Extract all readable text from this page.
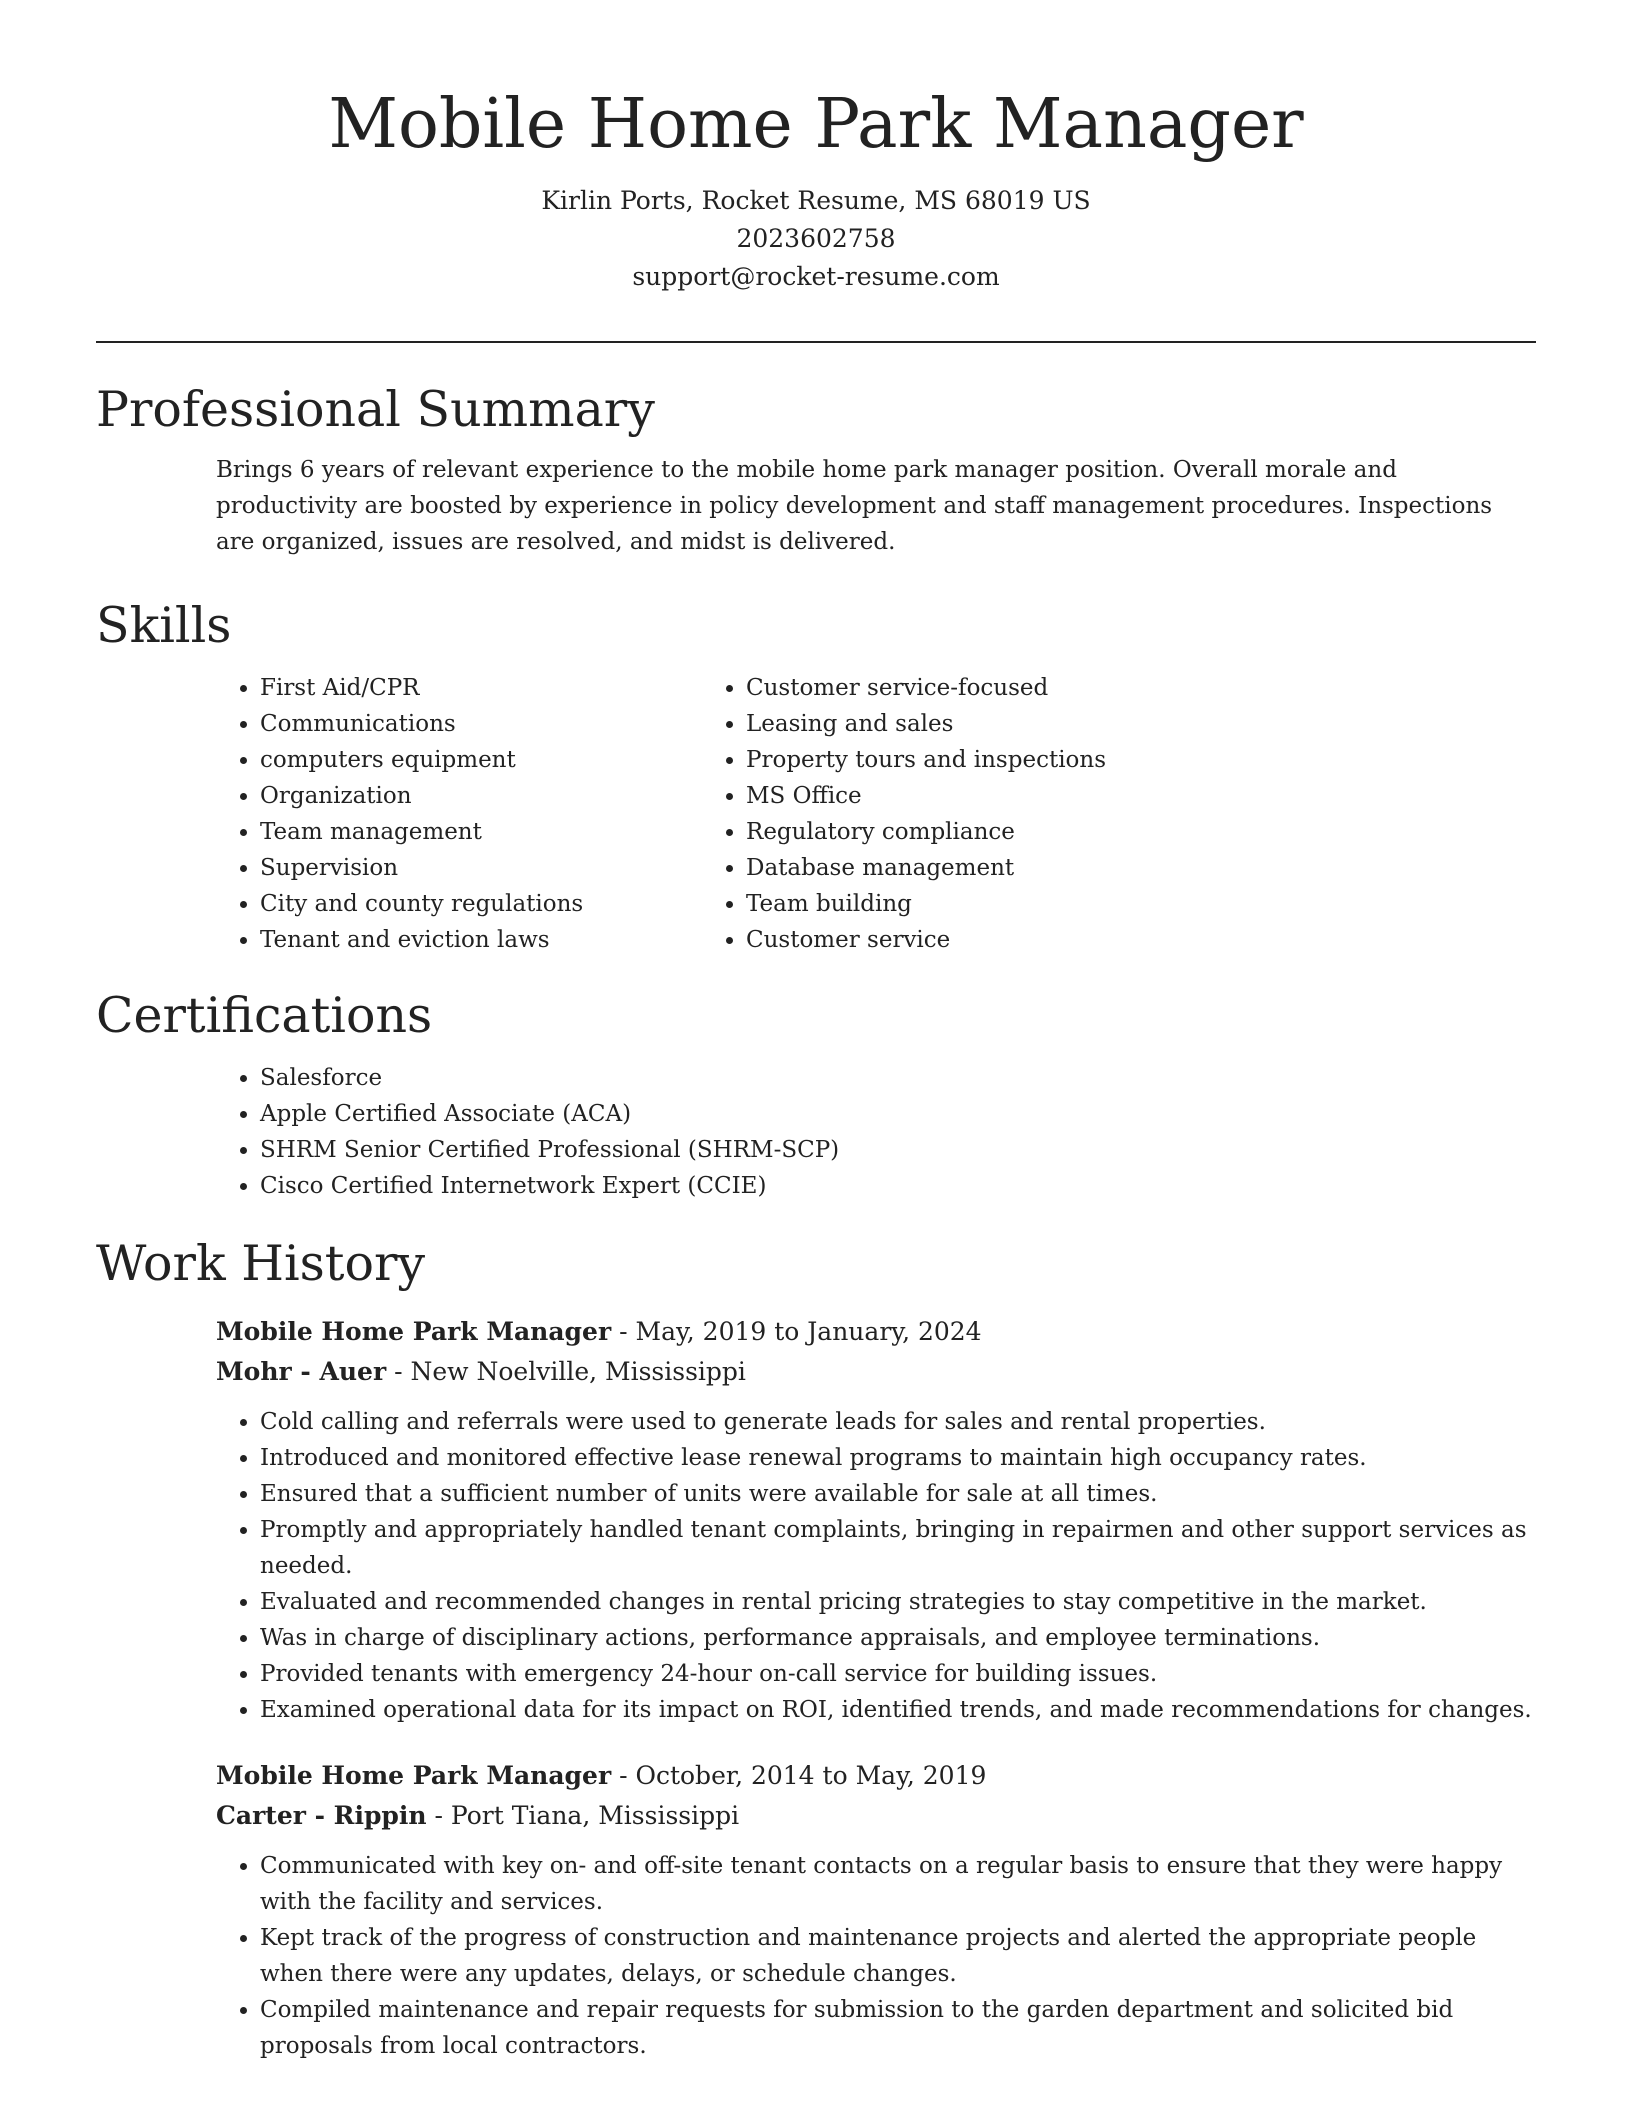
Mobile Home Park Manager
Kirlin Ports, Rocket Resume, MS 68019 US
2023602758
support@rocket-resume.com
Professional Summary

Brings 6 years of relevant experience to the mobile home park manager position. Overall morale and productivity are boosted by experience in policy development and staff management procedures. Inspections are organized, issues are resolved, and midst is delivered.

Skills
• First Aid/CPR
• Communications
• computers equipment
• Organization
• Team management
• Supervision
• City and county regulations
• Tenant and eviction laws
• Customer service-focused
• Leasing and sales
• Property tours and inspections
• MS Office
• Regulatory compliance
• Database management
• Team building
• Customer service
Certifications
• Salesforce
• Apple Certified Associate (ACA)
• SHRM Senior Certified Professional (SHRM-SCP)
• Cisco Certified Internetwork Expert (CCIE)
Work History
Mobile Home Park Manager - May, 2019 to January, 2024
Mohr - Auer - New Noelville, Mississippi
• Cold calling and referrals were used to generate leads for sales and rental properties.
• Introduced and monitored effective lease renewal programs to maintain high occupancy rates.
• Ensured that a sufficient number of units were available for sale at all times.
• Promptly and appropriately handled tenant complaints, bringing in repairmen and other support services as needed.
• Evaluated and recommended changes in rental pricing strategies to stay competitive in the market.
• Was in charge of disciplinary actions, performance appraisals, and employee terminations.
• Provided tenants with emergency 24-hour on-call service for building issues.
• Examined operational data for its impact on ROI, identified trends, and made recommendations for changes.
Mobile Home Park Manager - October, 2014 to May, 2019
Carter - Rippin - Port Tiana, Mississippi
• Communicated with key on- and off-site tenant contacts on a regular basis to ensure that they were happy with the facility and services.
• Kept track of the progress of construction and maintenance projects and alerted the appropriate people when there were any updates, delays, or schedule changes.
• Compiled maintenance and repair requests for submission to the garden department and solicited bid proposals from local contractors.
